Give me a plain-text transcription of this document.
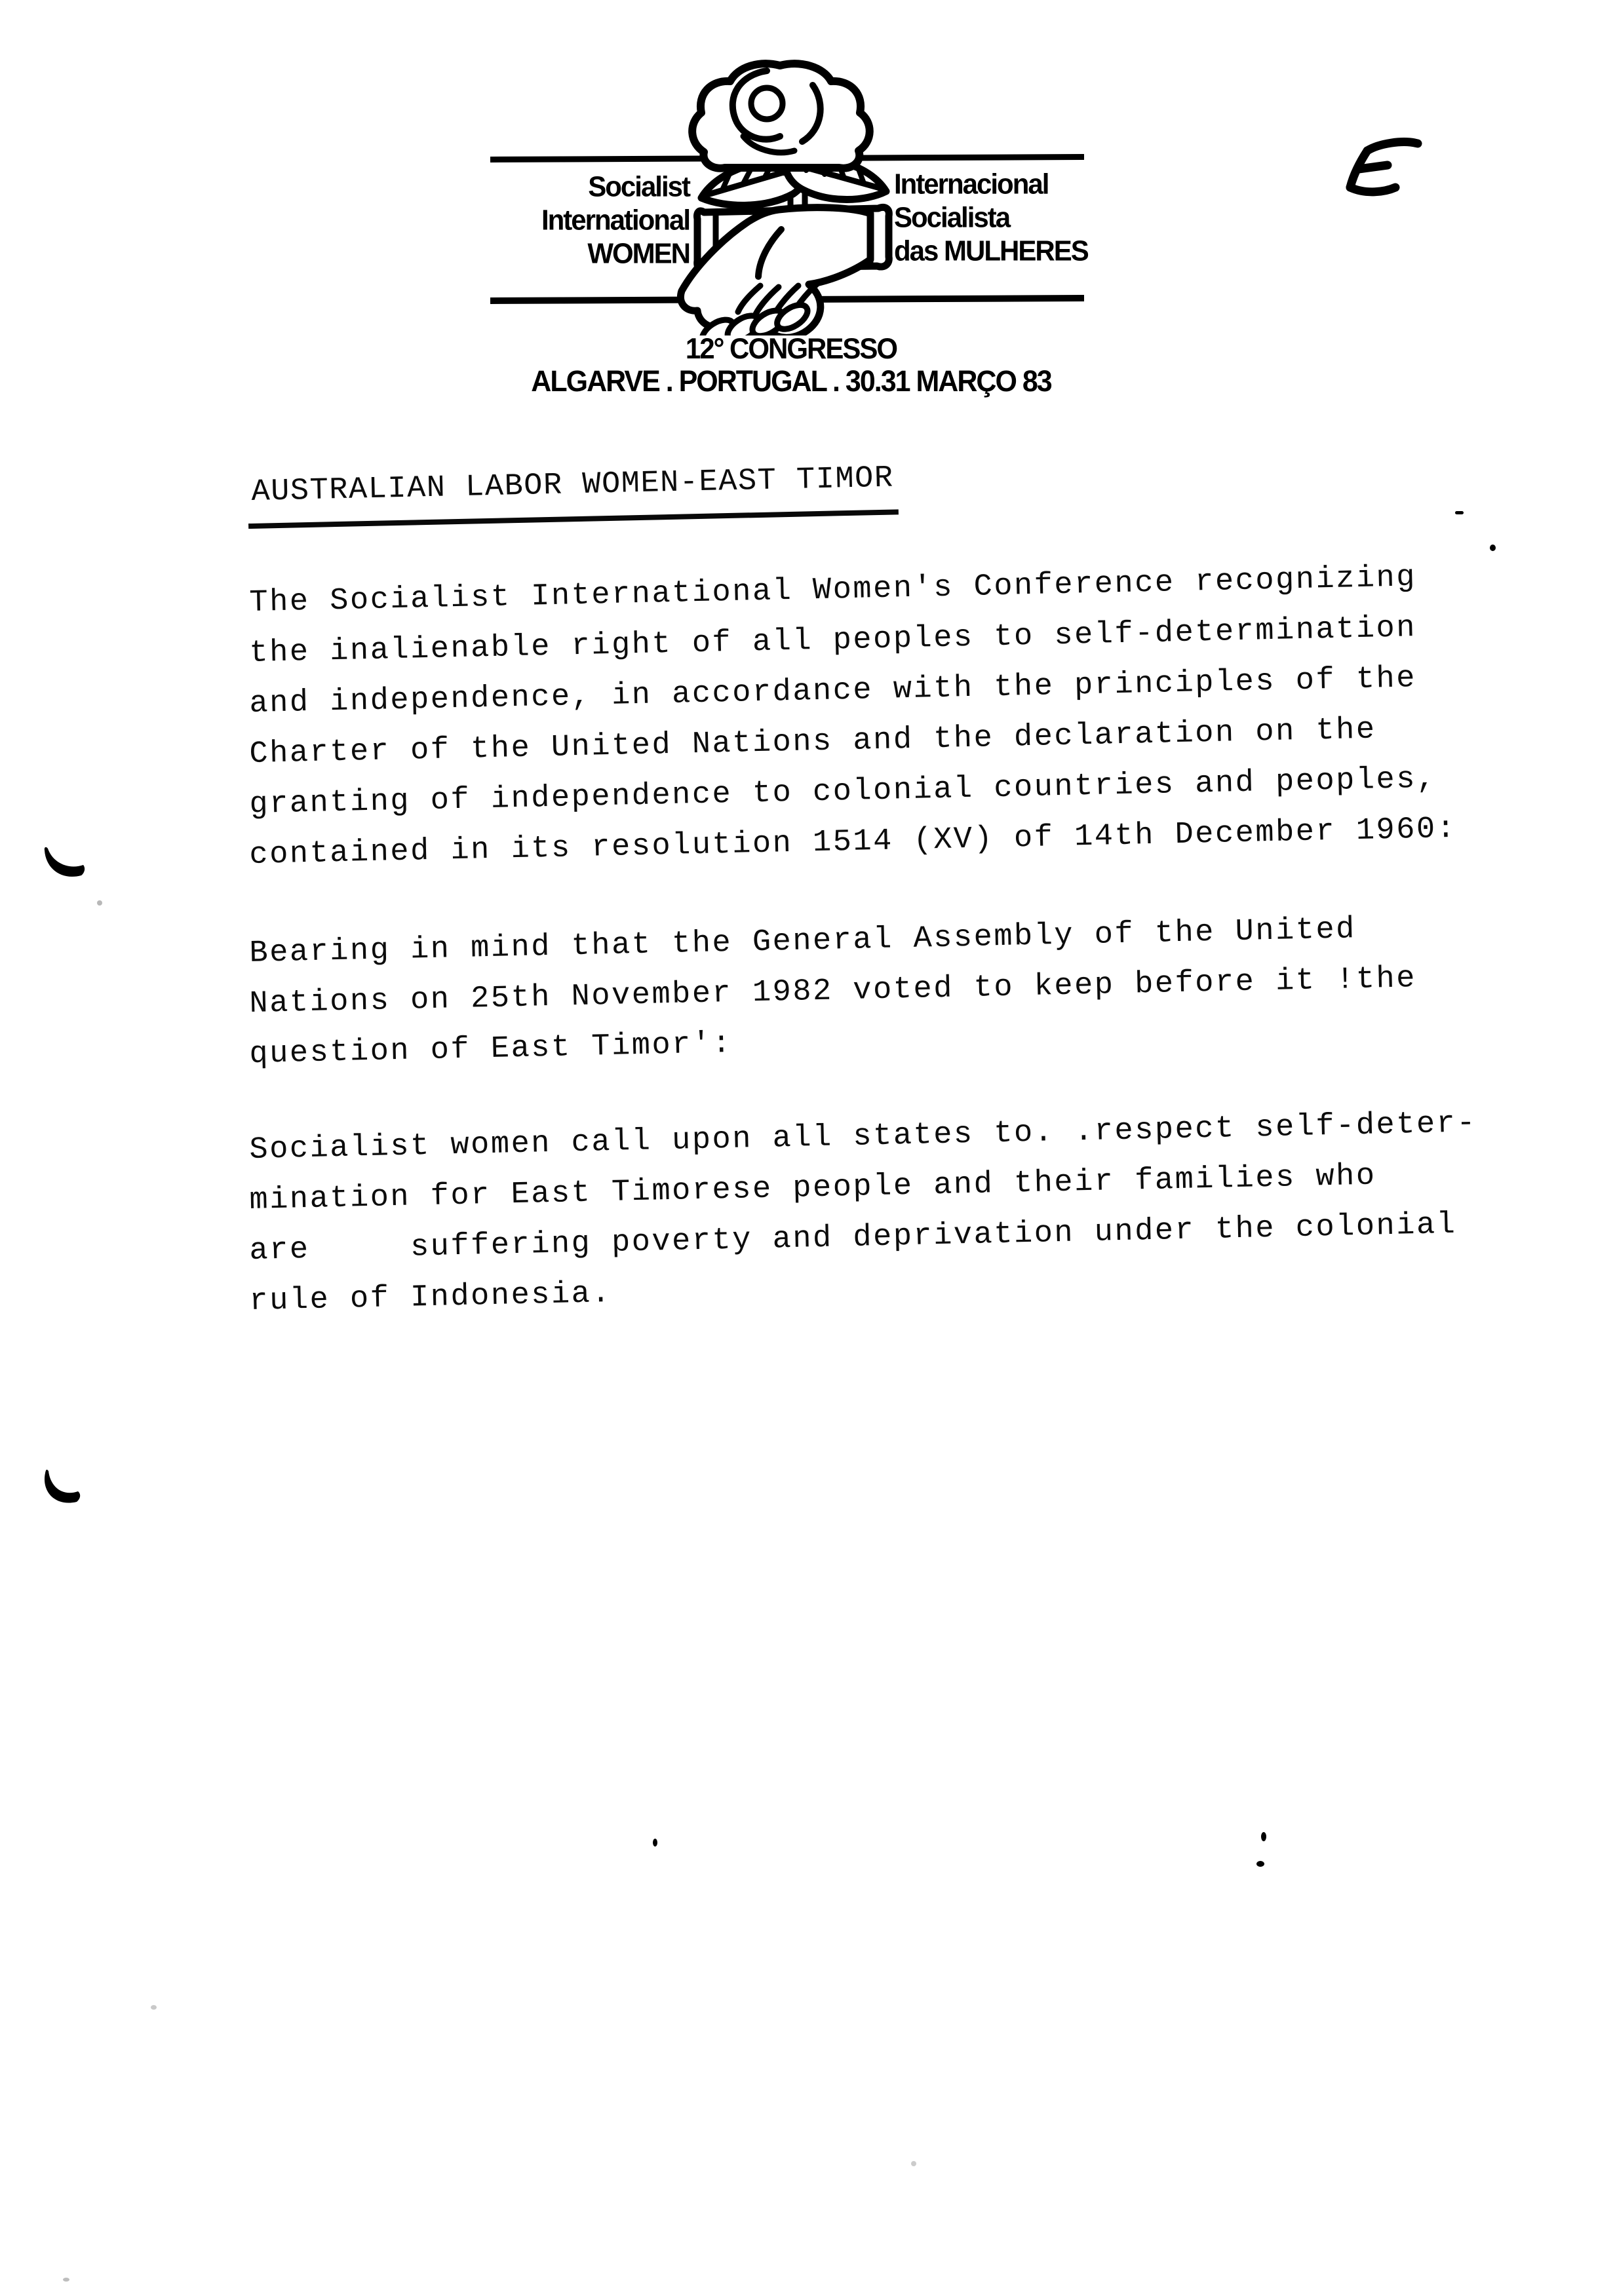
Socialist
International
WOMEN
Internacional
Socialista
das MULHERES
12° CONGRESSO
ALGARVE . PORTUGAL . 30.31 MARÇO 83
AUSTRALIAN LABOR WOMEN-EAST TIMOR
The Socialist International Women's Conference recognizing
the inalienable right of all peoples to self-determination
and independence, in accordance with the principles of the
Charter of the United Nations and the declaration on the
granting of independence to colonial countries and peoples,
contained in its resolution 1514 (XV) of 14th December 1960:
Bearing in mind that the General Assembly of the United
Nations on 25th November 1982 voted to keep before it !the
question of East Timor':
Socialist women call upon all states to. .respect self-deter-
mination for East Timorese people and their families who
are     suffering poverty and deprivation under the colonial
rule of Indonesia.
